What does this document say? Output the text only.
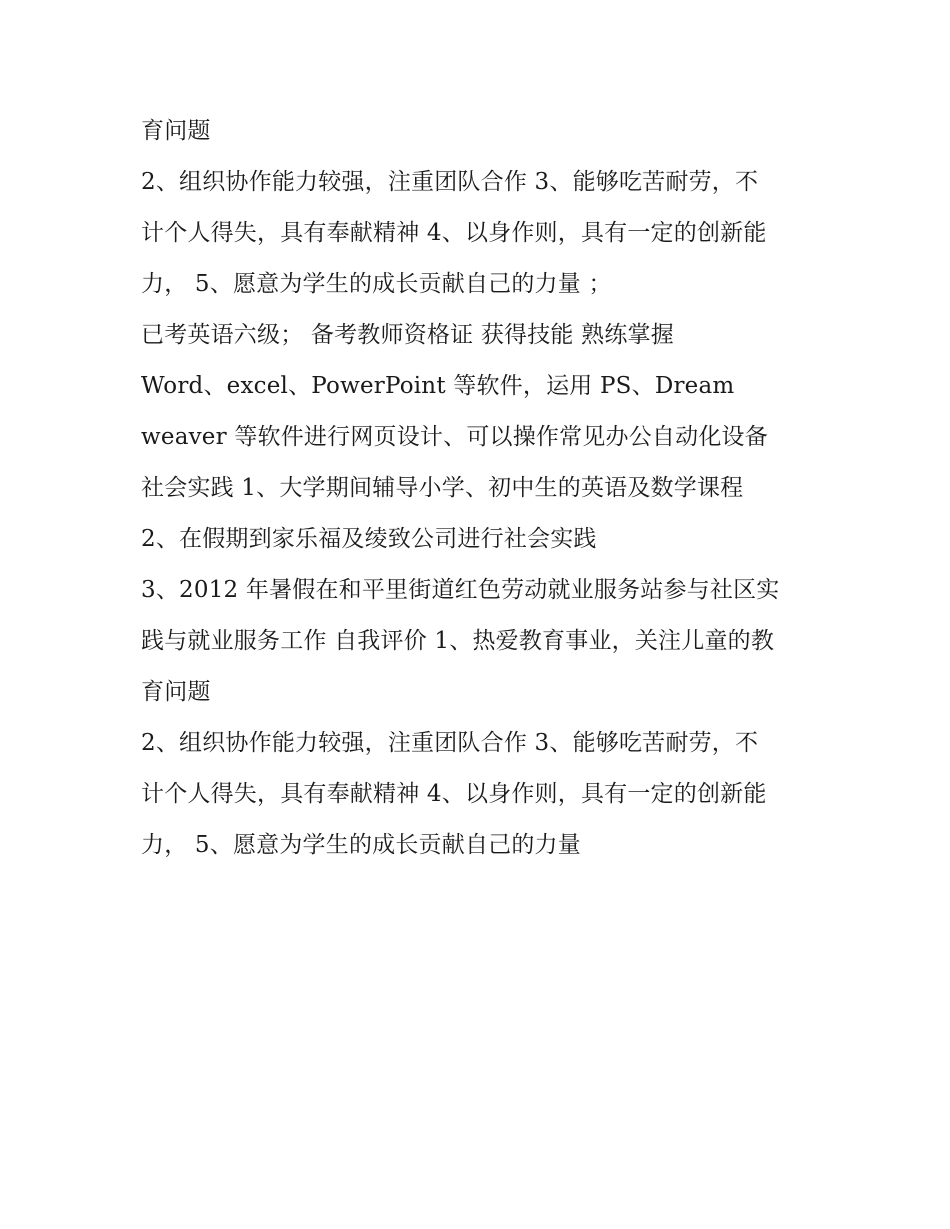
育问题
2、组织协作能力较强，注重团队合作 3、能够吃苦耐劳，不
计个人得失，具有奉献精神 4、以身作则，具有一定的创新能
力， 5、愿意为学生的成长贡献自己的力量 ；
已考英语六级； 备考教师资格证 获得技能 熟练掌握
Word、excel、PowerPoint 等软件，运用 PS、Dream
weaver 等软件进行网页设计、可以操作常见办公自动化设备
社会实践 1、大学期间辅导小学、初中生的英语及数学课程
2、在假期到家乐福及绫致公司进行社会实践
3、2012 年暑假在和平里街道红色劳动就业服务站参与社区实
践与就业服务工作 自我评价 1、热爱教育事业，关注儿童的教
育问题
2、组织协作能力较强，注重团队合作 3、能够吃苦耐劳，不
计个人得失，具有奉献精神 4、以身作则，具有一定的创新能
力， 5、愿意为学生的成长贡献自己的力量
